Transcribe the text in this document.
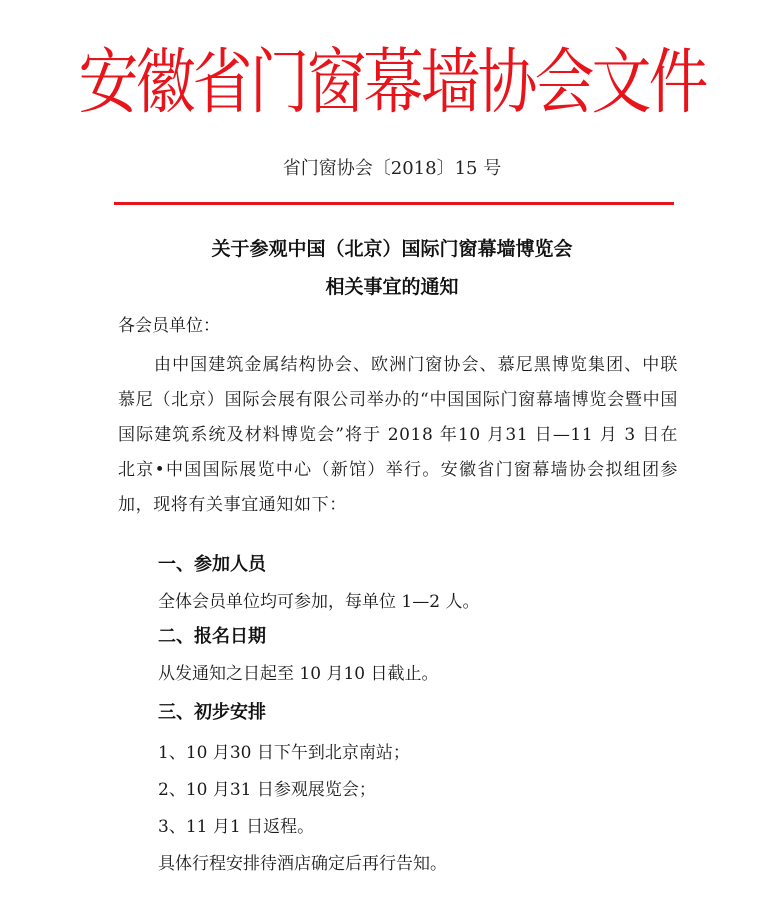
安徽省门窗幕墙协会文件
省门窗协会〔2018〕15 号
关于参观中国（北京）国际门窗幕墙博览会
相关事宜的通知
各会员单位：
由中国建筑金属结构协会、欧洲门窗协会、慕尼黑博览集团、中联慕尼（北京）国际会展有限公司举办的“中国国际门窗幕墙博览会暨中国国际建筑系统及材料博览会”将于 2018 年10 月31 日—11 月 3 日在北京•中国国际展览中心（新馆）举行。安徽省门窗幕墙协会拟组团参加，现将有关事宜通知如下：
一、参加人员
全体会员单位均可参加，每单位 1—2 人。
二、报名日期
从发通知之日起至 10 月10 日截止。
三、初步安排
1、10 月30 日下午到北京南站；
2、10 月31 日参观展览会；
3、11 月1 日返程。
具体行程安排待酒店确定后再行告知。
